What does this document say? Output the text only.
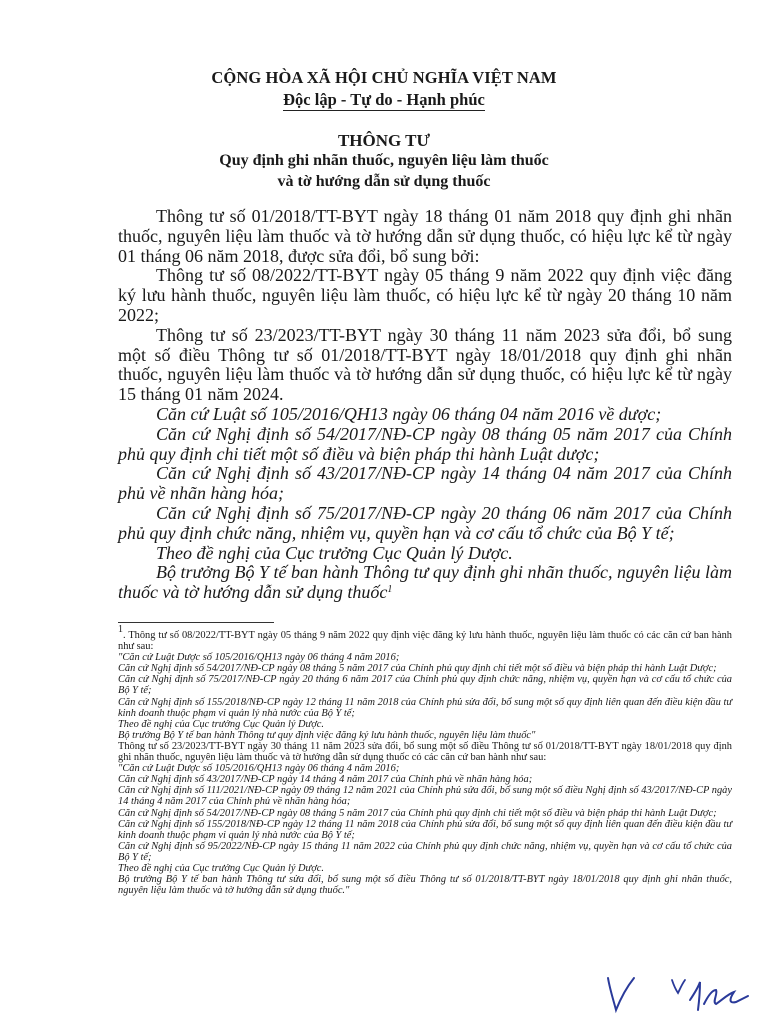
CỘNG HÒA XÃ HỘI CHỦ NGHĨA VIỆT NAM
Độc lập - Tự do - Hạnh phúc
THÔNG TƯ
Quy định ghi nhãn thuốc, nguyên liệu làm thuốc
và tờ hướng dẫn sử dụng thuốc

Thông tư số 01/2018/TT-BYT ngày 18 tháng 01 năm 2018 quy định ghi nhãn thuốc, nguyên liệu làm thuốc và tờ hướng dẫn sử dụng thuốc, có hiệu lực kể từ ngày 01 tháng 06 năm 2018, được sửa đổi, bổ sung bởi:

Thông tư số 08/2022/TT-BYT ngày 05 tháng 9 năm 2022 quy định việc đăng ký lưu hành thuốc, nguyên liệu làm thuốc, có hiệu lực kể từ ngày 20 tháng 10 năm 2022;

Thông tư số 23/2023/TT-BYT ngày 30 tháng 11 năm 2023 sửa đổi, bổ sung một số điều Thông tư số 01/2018/TT-BYT ngày 18/01/2018 quy định ghi nhãn thuốc, nguyên liệu làm thuốc và tờ hướng dẫn sử dụng thuốc, có hiệu lực kể từ ngày 15 tháng 01 năm 2024.

Căn cứ Luật số 105/2016/QH13 ngày 06 tháng 04 năm 2016 về dược;

Căn cứ Nghị định số 54/2017/NĐ-CP ngày 08 tháng 05 năm 2017 của Chính phủ quy định chi tiết một số điều và biện pháp thi hành Luật dược;

Căn cứ Nghị định số 43/2017/NĐ-CP ngày 14 tháng 04 năm 2017 của Chính phủ về nhãn hàng hóa;

Căn cứ Nghị định số 75/2017/NĐ-CP ngày 20 tháng 06 năm 2017 của Chính phủ quy định chức năng, nhiệm vụ, quyền hạn và cơ cấu tổ chức của Bộ Y tế;

Theo đề nghị của Cục trưởng Cục Quản lý Dược.

Bộ trưởng Bộ Y tế ban hành Thông tư quy định ghi nhãn thuốc, nguyên liệu làm thuốc và tờ hướng dẫn sử dụng thuốc$^1$

$^1$. Thông tư số 08/2022/TT-BYT ngày 05 tháng 9 năm 2022 quy định việc đăng ký lưu hành thuốc, nguyên liệu làm thuốc có các căn cứ ban hành như sau:

"Căn cứ Luật Dược số 105/2016/QH13 ngày 06 tháng 4 năm 2016;

Căn cứ Nghị định số 54/2017/NĐ-CP ngày 08 tháng 5 năm 2017 của Chính phủ quy định chi tiết một số điều và biện pháp thi hành Luật Dược;

Căn cứ Nghị định số 75/2017/NĐ-CP ngày 20 tháng 6 năm 2017 của Chính phủ quy định chức năng, nhiệm vụ, quyền hạn và cơ cấu tổ chức của Bộ Y tế;

Căn cứ Nghị định số 155/2018/NĐ-CP ngày 12 tháng 11 năm 2018 của Chính phủ sửa đổi, bổ sung một số quy định liên quan đến điều kiện đầu tư kinh doanh thuộc phạm vi quản lý nhà nước của Bộ Y tế;

Theo đề nghị của Cục trưởng Cục Quản lý Dược.

Bộ trưởng Bộ Y tế ban hành Thông tư quy định việc đăng ký lưu hành thuốc, nguyên liệu làm thuốc"

Thông tư số 23/2023/TT-BYT ngày 30 tháng 11 năm 2023 sửa đổi, bổ sung một số điều Thông tư số 01/2018/TT-BYT ngày 18/01/2018 quy định ghi nhãn thuốc, nguyên liệu làm thuốc và tờ hướng dẫn sử dụng thuốc có các căn cứ ban hành như sau:

"Căn cứ Luật Dược số 105/2016/QH13 ngày 06 tháng 4 năm 2016;

Căn cứ Nghị định số 43/2017/NĐ-CP ngày 14 tháng 4 năm 2017 của Chính phủ về nhãn hàng hóa;

Căn cứ Nghị định số 111/2021/NĐ-CP ngày 09 tháng 12 năm 2021 của Chính phủ sửa đổi, bổ sung một số điều Nghị định số 43/2017/NĐ-CP ngày 14 tháng 4 năm 2017 của Chính phủ về nhãn hàng hóa;

Căn cứ Nghị định số 54/2017/NĐ-CP ngày 08 tháng 5 năm 2017 của Chính phủ quy định chi tiết một số điều và biện pháp thi hành Luật Dược;

Căn cứ Nghị định số 155/2018/NĐ-CP ngày 12 tháng 11 năm 2018 của Chính phủ sửa đổi, bổ sung một số quy định liên quan đến điều kiện đầu tư kinh doanh thuộc phạm vi quản lý nhà nước của Bộ Y tế;

Căn cứ Nghị định số 95/2022/NĐ-CP ngày 15 tháng 11 năm 2022 của Chính phủ quy định chức năng, nhiệm vụ, quyền hạn và cơ cấu tổ chức của Bộ Y tế;

Theo đề nghị của Cục trưởng Cục Quản lý Dược.

Bộ trưởng Bộ Y tế ban hành Thông tư sửa đổi, bổ sung một số điều Thông tư số 01/2018/TT-BYT ngày 18/01/2018 quy định ghi nhãn thuốc, nguyên liệu làm thuốc và tờ hướng dẫn sử dụng thuốc."
